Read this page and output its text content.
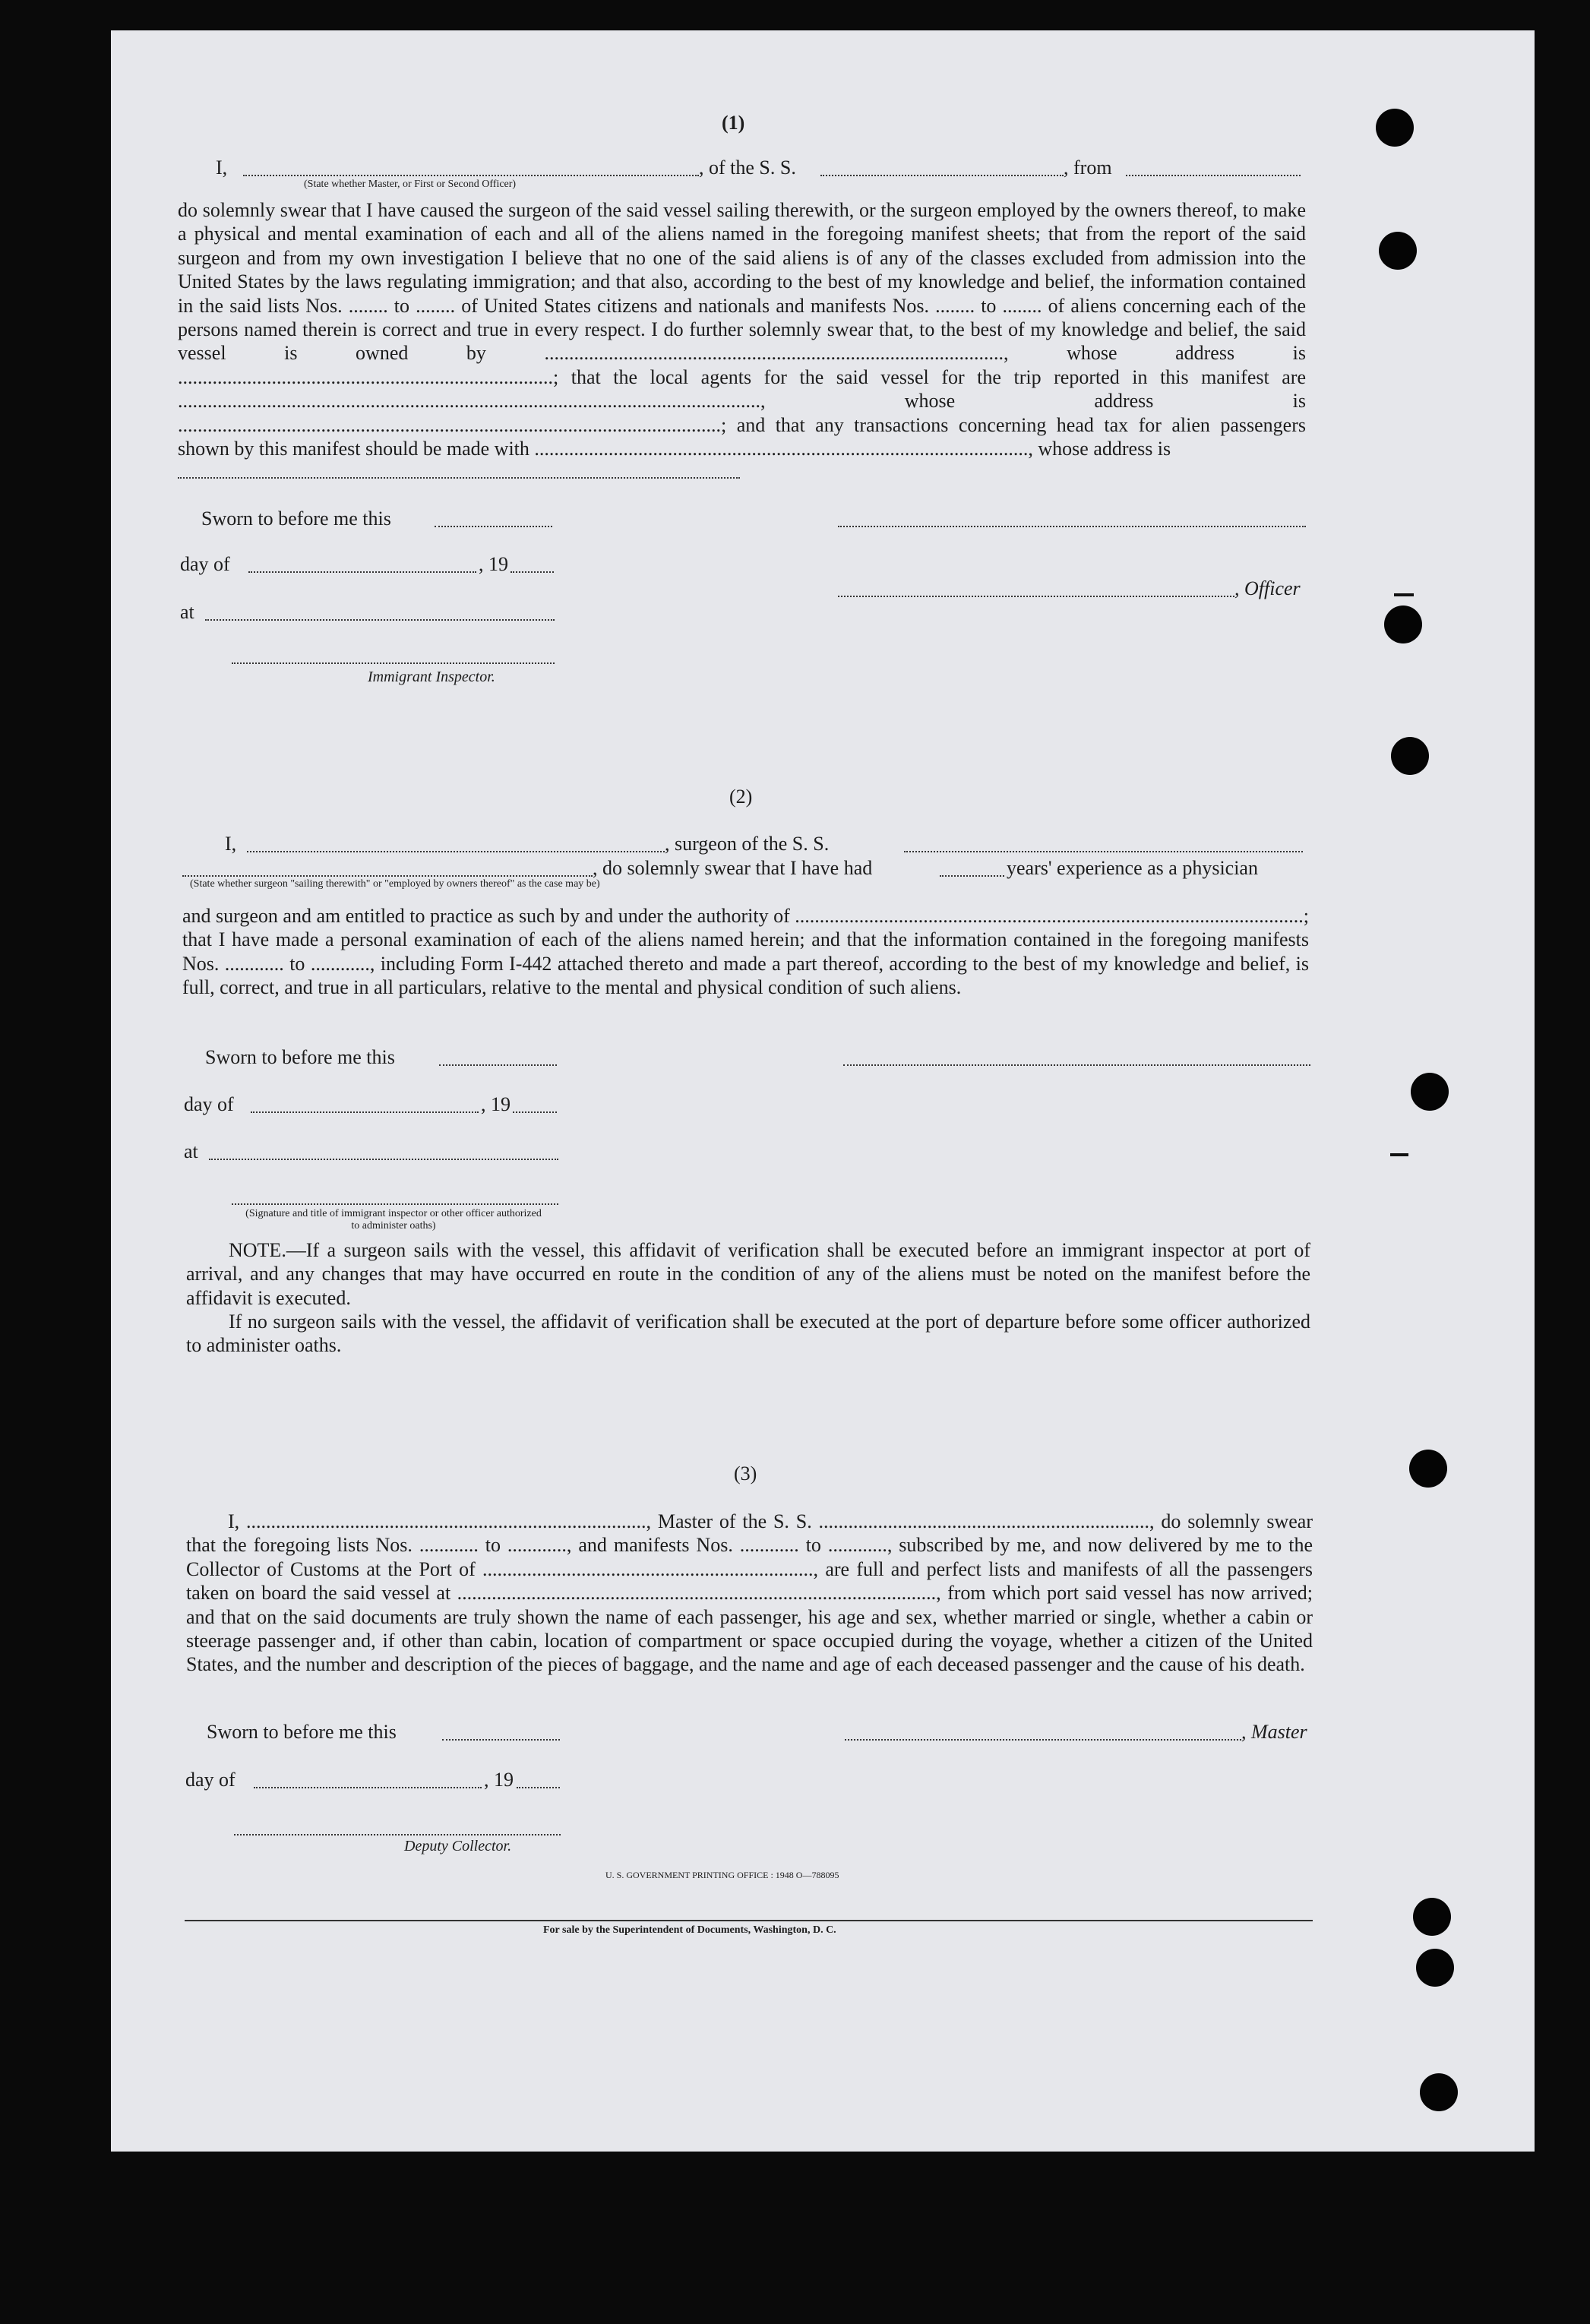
(1)
I,	, of the S. S.	, from
(State whether Master, or First or Second Officer)
do solemnly swear that I have caused the surgeon of the said vessel sailing therewith, or the surgeon employed by the owners thereof, to make a physical and mental examination of each and all of the aliens named in the foregoing manifest sheets; that from the report of the said surgeon and from my own investigation I believe that no one of the said aliens is of any of the classes excluded from admission into the United States by the laws regulating immigration; and that also, according to the best of my knowledge and belief, the information contained in the said lists Nos. ........ to ........ of United States citizens and nationals and manifests Nos. ........ to ........ of aliens concerning each of the persons named therein is correct and true in every respect. I do further solemnly swear that, to the best of my knowledge and belief, the said vessel is owned by ............................................................................................., whose address is ............................................................................; that the local agents for the said vessel for the trip reported in this manifest are ......................................................................................................................, whose address is ..............................................................................................................; and that any transactions concerning head tax for alien passengers shown by this manifest should be made with ...................................................................................................., whose address is
Sworn to before me this
day of	, 19
, Officer
at
Immigrant Inspector.
(2)
I,	, surgeon of the S. S.
, do solemnly swear that I have had	years' experience as a physician
(State whether surgeon "sailing therewith" or "employed by owners thereof" as the case may be)
and surgeon and am entitled to practice as such by and under the authority of .......................................................................................................; that I have made a personal examination of each of the aliens named herein; and that the information contained in the foregoing manifests Nos. ............ to ............, including Form I-442 attached thereto and made a part thereof, according to the best of my knowledge and belief, is full, correct, and true in all particulars, relative to the mental and physical condition of such aliens.
Sworn to before me this
day of	, 19
at
(Signature and title of immigrant inspector or other officer authorized to administer oaths)
NOTE.—If a surgeon sails with the vessel, this affidavit of verification shall be executed before an immigrant inspector at port of arrival, and any changes that may have occurred en route in the condition of any of the aliens must be noted on the manifest before the affidavit is executed.
If no surgeon sails with the vessel, the affidavit of verification shall be executed at the port of departure before some officer authorized to administer oaths.
(3)
I, ................................................................................., Master of the S. S. ..................................................................., do solemnly swear that the foregoing lists Nos. ............ to ............, and manifests Nos. ............ to ............, subscribed by me, and now delivered by me to the Collector of Customs at the Port of ..................................................................., are full and perfect lists and manifests of all the passengers taken on board the said vessel at ................................................................................................., from which port said vessel has now arrived; and that on the said documents are truly shown the name of each passenger, his age and sex, whether married or single, whether a cabin or steerage passenger and, if other than cabin, location of compartment or space occupied during the voyage, whether a citizen of the United States, and the number and description of the pieces of baggage, and the name and age of each deceased passenger and the cause of his death.
Sworn to before me this	, Master
day of	, 19
Deputy Collector.
U. S. GOVERNMENT PRINTING OFFICE : 1948 O—788095
For sale by the Superintendent of Documents, Washington, D. C.
